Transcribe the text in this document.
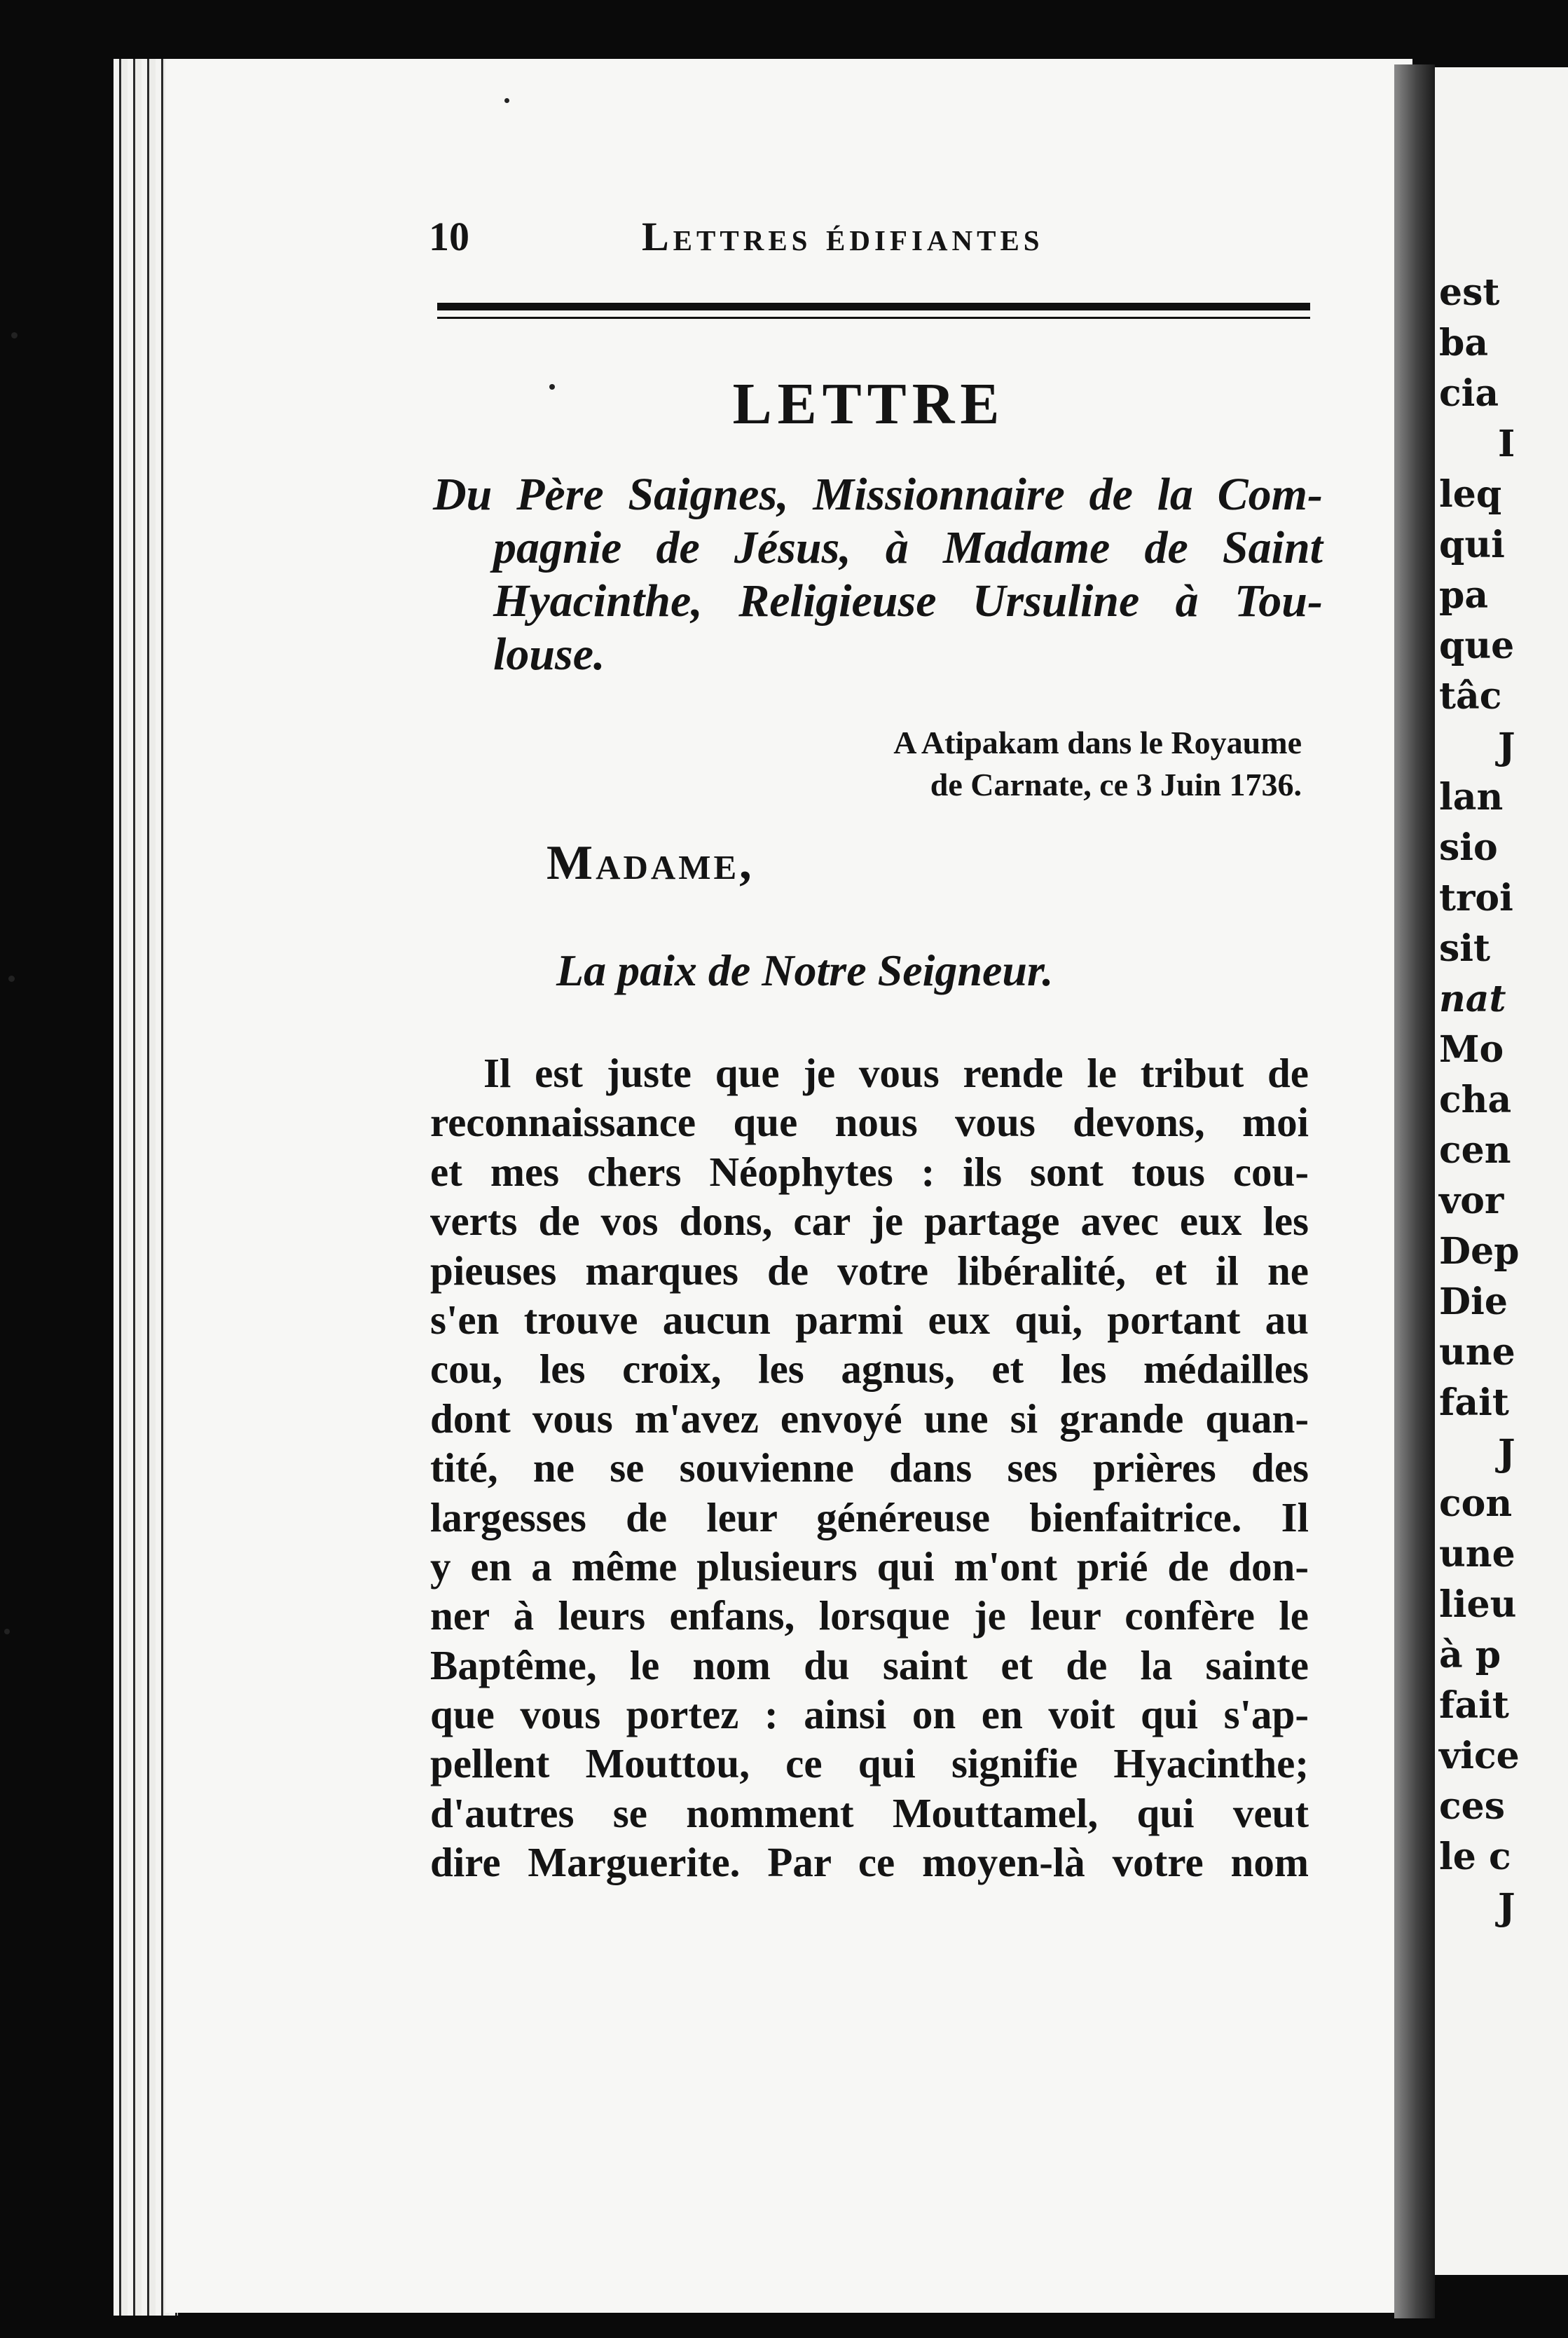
est
ba
cia
I
leq
qui
pa
que
tâc
J
lan
sio
troi
sit
nat
Mo
cha
cen
vor
Dep
Die
une
fait
J
con
une
lieu
à p
fait
vice
ces
le c
J
10	Lettres édifiantes
LETTRE
Du Père Saignes, Missionnaire de la Com-
pagnie de Jésus, à Madame de Saint
Hyacinthe, Religieuse Ursuline à Tou-
louse.
A Atipakam dans le Royaume
de Carnate, ce 3 Juin 1736.
Madame,
La paix de Notre Seigneur.
Il est juste que je vous rende le tribut de
reconnaissance que nous vous devons, moi
et mes chers Néophytes : ils sont tous cou-
verts de vos dons, car je partage avec eux les
pieuses marques de votre libéralité, et il ne
s'en trouve aucun parmi eux qui, portant au
cou, les croix, les agnus, et les médailles
dont vous m'avez envoyé une si grande quan-
tité, ne se souvienne dans ses prières des
largesses de leur généreuse bienfaitrice. Il
y en a même plusieurs qui m'ont prié de don-
ner à leurs enfans, lorsque je leur confère le
Baptême, le nom du saint et de la sainte
que vous portez : ainsi on en voit qui s'ap-
pellent Mouttou, ce qui signifie Hyacinthe;
d'autres se nomment Mouttamel, qui veut
dire Marguerite. Par ce moyen-là votre nom
